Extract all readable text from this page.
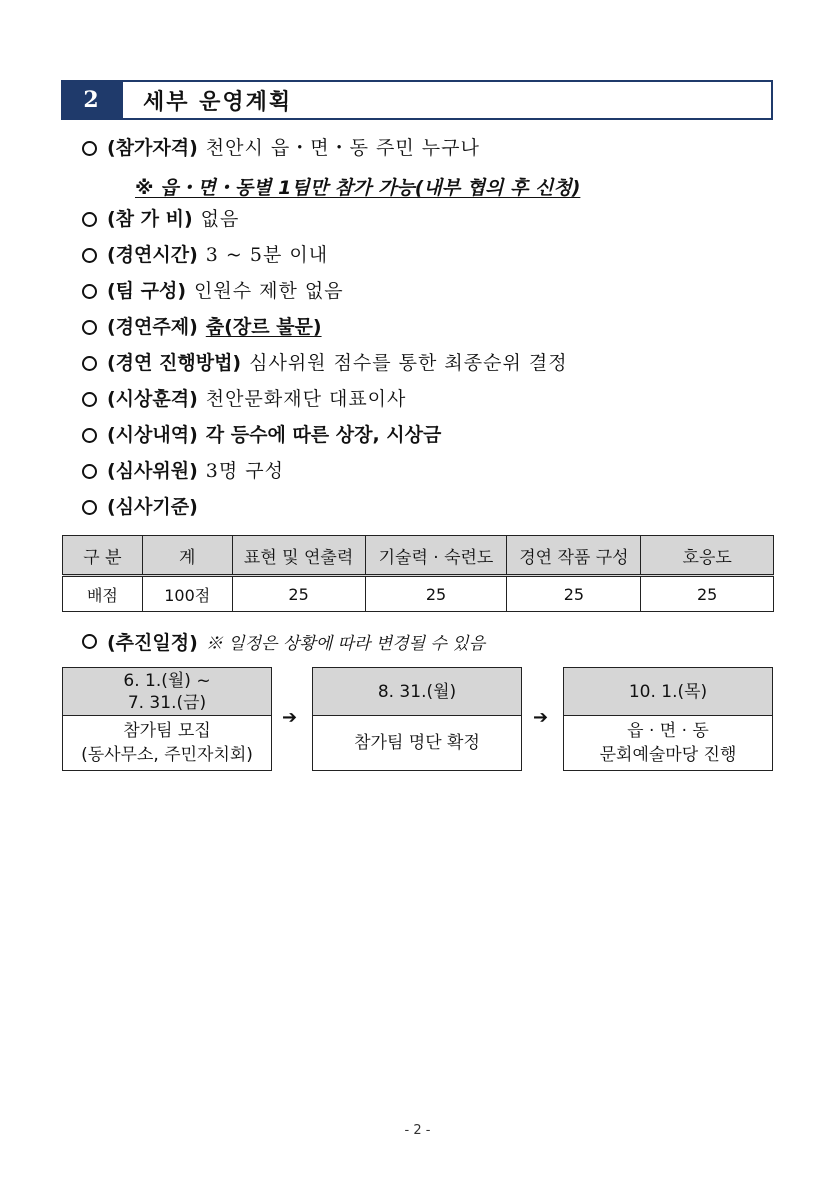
2	세부 운영계획
(참가자격) 천안시 읍・면・동 주민 누구나
※ 읍・면・동별 1팀만 참가 가능(내부 협의 후 신청)
(참 가 비) 없음
(경연시간) 3 ~ 5분 이내
(팀 구성) 인원수 제한 없음
(경연주제) 춤(장르 불문)
(경연 진행방법) 심사위원 점수를 통한 최종순위 결정
(시상훈격) 천안문화재단 대표이사
(시상내역) 각 등수에 따른 상장, 시상금
(심사위원) 3명 구성
(심사기준)
구 분	계	표현 및 연출력	기술력 · 숙련도	경연 작품 구성	호응도
배점	100점	25	25	25	25
(추진일정) ※ 일정은 상황에 따라 변경될 수 있음
6. 1.(월) ~
7. 31.(금)
참가팀 모집
(동사무소, 주민자치회)
➔
8. 31.(월)
참가팀 명단 확정
➔
10. 1.(목)
읍 · 면 · 동
문회예술마당 진행
- 2 -
